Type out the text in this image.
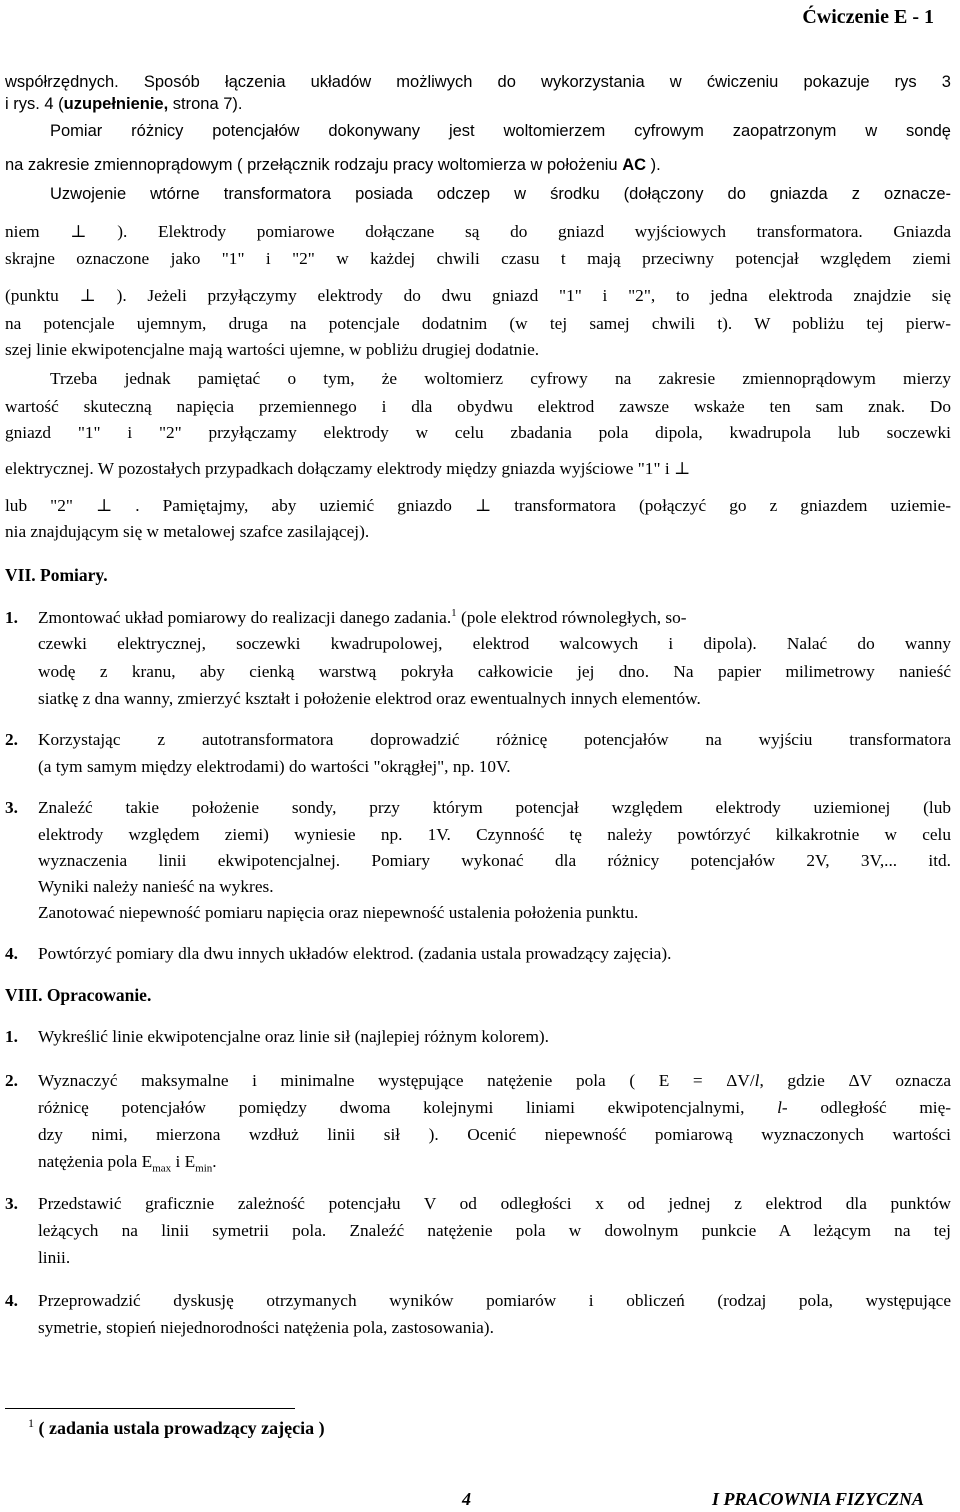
Ćwiczenie E - 1
współrzędnych. Sposób łączenia układów możliwych do wykorzystania w ćwiczeniu pokazuje rys 3
i rys. 4 (uzupełnienie, strona 7).
Pomiar różnicy potencjałów dokonywany jest woltomierzem cyfrowym zaopatrzonym w sondę
na zakresie zmiennoprądowym ( przełącznik rodzaju pracy woltomierza w położeniu AC ).
Uzwojenie wtórne transformatora posiada odczep w środku (dołączony do gniazda z oznacze-
niem ⊥ ). Elektrody pomiarowe dołączane są do gniazd wyjściowych transformatora. Gniazda
skrajne oznaczone jako "1" i "2" w każdej chwili czasu t mają przeciwny potencjał względem ziemi
(punktu ⊥ ). Jeżeli przyłączymy elektrody do dwu gniazd "1" i "2", to jedna elektroda znajdzie się
na potencjale ujemnym, druga na potencjale dodatnim (w tej samej chwili t). W pobliżu tej pierw-
szej linie ekwipotencjalne mają wartości ujemne, w pobliżu drugiej dodatnie.
Trzeba jednak pamiętać o tym, że woltomierz cyfrowy na zakresie zmiennoprądowym mierzy
wartość skuteczną napięcia przemiennego i dla obydwu elektrod zawsze wskaże ten sam znak. Do
gniazd "1" i "2" przyłączamy elektrody w celu zbadania pola dipola, kwadrupola lub soczewki
elektrycznej. W pozostałych przypadkach dołączamy elektrody między gniazda wyjściowe "1" i ⊥
lub "2" ⊥ . Pamiętajmy, aby uziemić gniazdo ⊥ transformatora (połączyć go z gniazdem uziemie-
nia znajdującym się w metalowej szafce zasilającej).
VII. Pomiary.
1. Zmontować układ pomiarowy do realizacji danego zadania.$^1$ (pole elektrod równoległych, so-
czewki elektrycznej, soczewki kwadrupolowej, elektrod walcowych i dipola). Nalać do wanny
wodę z kranu, aby cienką warstwą pokryła całkowicie jej dno. Na papier milimetrowy nanieść
siatkę z dna wanny, zmierzyć kształt i położenie elektrod oraz ewentualnych innych elementów.
2. Korzystając z autotransformatora doprowadzić różnicę potencjałów na wyjściu transformatora
(a tym samym między elektrodami) do wartości "okrągłej", np. 10V.
3. Znaleźć takie położenie sondy, przy którym potencjał względem elektrody uziemionej (lub
elektrody względem ziemi) wyniesie np. 1V. Czynność tę należy powtórzyć kilkakrotnie w celu
wyznaczenia linii ekwipotencjalnej. Pomiary wykonać dla różnicy potencjałów 2V, 3V,... itd.
Wyniki należy nanieść na wykres.
Zanotować niepewność pomiaru napięcia oraz niepewność ustalenia położenia punktu.
4. Powtórzyć pomiary dla dwu innych układów elektrod. (zadania ustala prowadzący zajęcia).
VIII. Opracowanie.
1. Wykreślić linie ekwipotencjalne oraz linie sił (najlepiej różnym kolorem).
2. Wyznaczyć maksymalne i minimalne występujące natężenie pola ( E = ΔV/l, gdzie ΔV oznacza
różnicę potencjałów pomiędzy dwoma kolejnymi liniami ekwipotencjalnymi, l- odległość mię-
dzy nimi, mierzona wzdłuż linii sił ). Ocenić niepewność pomiarową wyznaczonych wartości
natężenia pola $E_{max}$ i $E_{min}$.
3. Przedstawić graficznie zależność potencjału V od odległości x od jednej z elektrod dla punktów
leżących na linii symetrii pola. Znaleźć natężenie pola w dowolnym punkcie A leżącym na tej
linii.
4. Przeprowadzić dyskusję otrzymanych wyników pomiarów i obliczeń (rodzaj pola, występujące
symetrie, stopień niejednorodności natężenia pola, zastosowania).
$^1$ ( zadania ustala prowadzący zajęcia )
4	I PRACOWNIA FIZYCZNA
